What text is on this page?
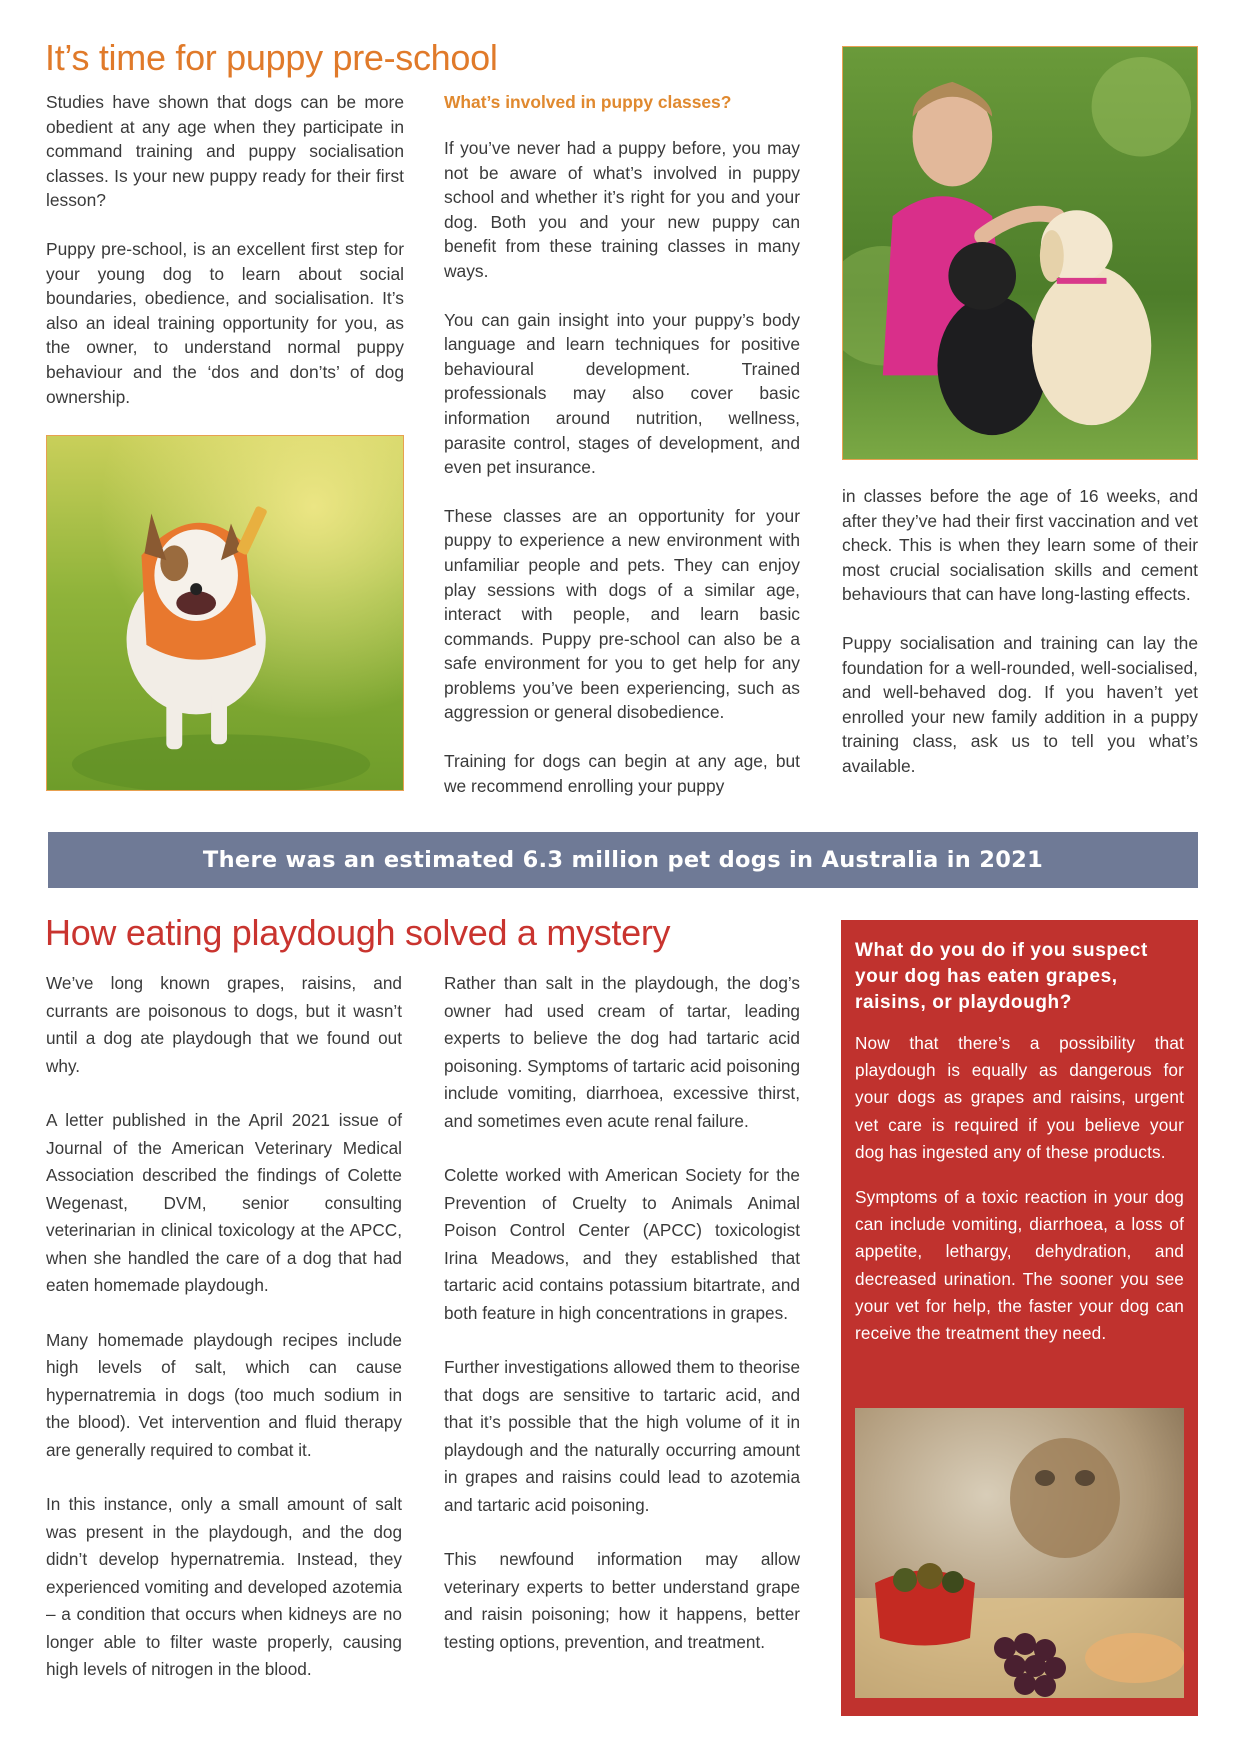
It’s time for puppy pre-school

Studies have shown that dogs can be more obedient at any age when they participate in command training and puppy socialisation classes. Is your new puppy ready for their first lesson?

Puppy pre-school, is an excellent first step for your young dog to learn about social boundaries, obedience, and socialisation. It’s also an ideal training opportunity for you, as the owner, to understand normal puppy behaviour and the ‘dos and don’ts’ of dog ownership.

What’s involved in puppy classes?

If you’ve never had a puppy before, you may not be aware of what’s involved in puppy school and whether it’s right for you and your dog. Both you and your new puppy can benefit from these training classes in many ways.

You can gain insight into your puppy’s body language and learn techniques for positive behavioural development. Trained professionals may also cover basic information around nutrition, wellness, parasite control, stages of development, and even pet insurance.

These classes are an opportunity for your puppy to experience a new environment with unfamiliar people and pets. They can enjoy play sessions with dogs of a similar age, interact with people, and learn basic commands. Puppy pre-school can also be a safe environment for you to get help for any problems you’ve been experiencing, such as aggression or general disobedience.

Training for dogs can begin at any age, but we recommend enrolling your puppy

in classes before the age of 16 weeks, and after they’ve had their first vaccination and vet check. This is when they learn some of their most crucial socialisation skills and cement behaviours that can have long-lasting effects.

Puppy socialisation and training can lay the foundation for a well-rounded, well-socialised, and well-behaved dog. If you haven’t yet enrolled your new family addition in a puppy training class, ask us to tell you what’s available.

There was an estimated 6.3 million pet dogs in Australia in 2021
How eating playdough solved a mystery

We’ve long known grapes, raisins, and currants are poisonous to dogs, but it wasn’t until a dog ate playdough that we found out why.

A letter published in the April 2021 issue of Journal of the American Veterinary Medical Association described the findings of Colette Wegenast, DVM, senior consulting veterinarian in clinical toxicology at the APCC, when she handled the care of a dog that had eaten homemade playdough.

Many homemade playdough recipes include high levels of salt, which can cause hypernatremia in dogs (too much sodium in the blood). Vet intervention and fluid therapy are generally required to combat it.

In this instance, only a small amount of salt was present in the playdough, and the dog didn’t develop hypernatremia. Instead, they experienced vomiting and developed azotemia – a condition that occurs when kidneys are no longer able to filter waste properly, causing high levels of nitrogen in the blood.

Rather than salt in the playdough, the dog’s owner had used cream of tartar, leading experts to believe the dog had tartaric acid poisoning. Symptoms of tartaric acid poisoning include vomiting, diarrhoea, excessive thirst, and sometimes even acute renal failure.

Colette worked with American Society for the Prevention of Cruelty to Animals Animal Poison Control Center (APCC) toxicologist Irina Meadows, and they established that tartaric acid contains potassium bitartrate, and both feature in high concentrations in grapes.

Further investigations allowed them to theorise that dogs are sensitive to tartaric acid, and that it’s possible that the high volume of it in playdough and the naturally occurring amount in grapes and raisins could lead to azotemia and tartaric acid poisoning.

This newfound information may allow veterinary experts to better understand grape and raisin poisoning; how it happens, better testing options, prevention, and treatment.

What do you do if you suspect your dog has eaten grapes, raisins, or playdough?

Now that there’s a possibility that playdough is equally as dangerous for your dogs as grapes and raisins, urgent vet care is required if you believe your dog has ingested any of these products.

Symptoms of a toxic reaction in your dog can include vomiting, diarrhoea, a loss of appetite, lethargy, dehydration, and decreased urination. The sooner you see your vet for help, the faster your dog can receive the treatment they need.
